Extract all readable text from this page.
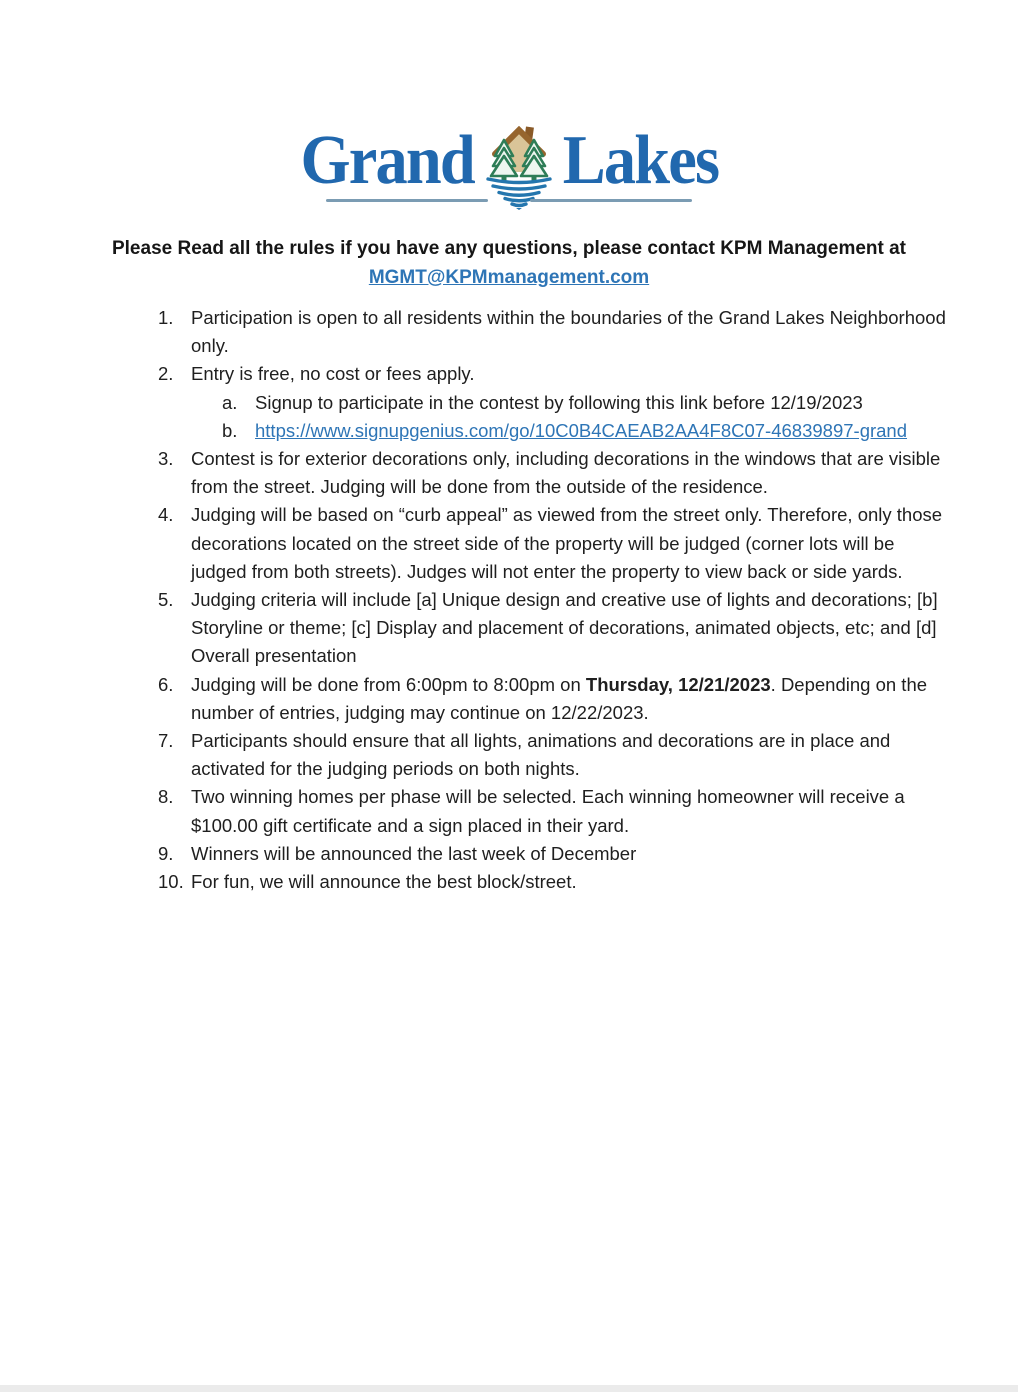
Grand Lakes

Please Read all the rules if you have any questions, please contact KPM Management at

MGMT@KPMmanagement.com
1. Participation is open to all residents within the boundaries of the Grand Lakes Neighborhood only.
2. Entry is free, no cost or fees apply.
a. Signup to participate in the contest by following this link before 12/19/2023
b. https://www.signupgenius.com/go/10C0B4CAEAB2AA4F8C07-46839897-grand
3. Contest is for exterior decorations only, including decorations in the windows that are visible from the street. Judging will be done from the outside of the residence.
4. Judging will be based on “curb appeal” as viewed from the street only. Therefore, only those decorations located on the street side of the property will be judged (corner lots will be judged from both streets). Judges will not enter the property to view back or side yards.
5. Judging criteria will include [a] Unique design and creative use of lights and decorations; [b] Storyline or theme; [c] Display and placement of decorations, animated objects, etc; and [d] Overall presentation
6. Judging will be done from 6:00pm to 8:00pm on Thursday, 12/21/2023. Depending on the number of entries, judging may continue on 12/22/2023.
7. Participants should ensure that all lights, animations and decorations are in place and activated for the judging periods on both nights.
8. Two winning homes per phase will be selected. Each winning homeowner will receive a $100.00 gift certificate and a sign placed in their yard.
9. Winners will be announced the last week of December
10. For fun, we will announce the best block/street.
